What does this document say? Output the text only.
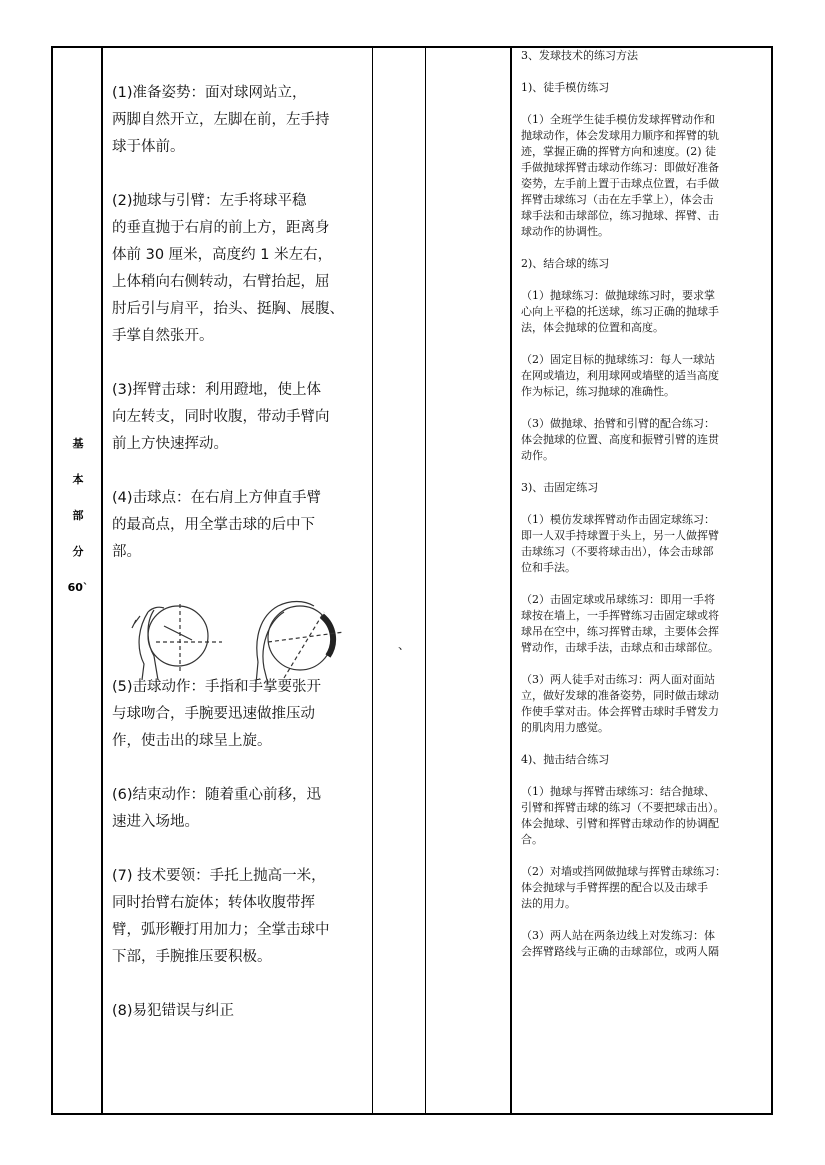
基
本
部
分
60`

(1)准备姿势：面对球网站立，

两脚自然开立，左脚在前，左手持

球于体前。

(2)抛球与引臂：左手将球平稳

的垂直抛于右肩的前上方，距离身

体前 30 厘米，高度约 1 米左右，

上体稍向右侧转动，右臂抬起，屈

肘后引与肩平，抬头、挺胸、展腹、

手掌自然张开。

(3)挥臂击球：利用蹬地，使上体

向左转支，同时收腹，带动手臂向

前上方快速挥动。

(4)击球点：在右肩上方伸直手臂

的最高点，用全掌击球的后中下

部。

(5)击球动作：手指和手掌要张开

与球吻合，手腕要迅速做推压动

作，使击出的球呈上旋。

(6)结束动作：随着重心前移，迅

速进入场地。

(7) 技术要领：手托上抛高一米，

同时抬臂右旋体；转体收腹带挥

臂，弧形鞭打用加力；全掌击球中

下部，手腕推压要积极。

(8)易犯错误与纠正

、

3、发球技术的练习方法

1)、徒手模仿练习

（1）全班学生徒手模仿发球挥臂动作和

抛球动作，体会发球用力顺序和挥臂的轨

迹，掌握正确的挥臂方向和速度。(2) 徒

手做抛球挥臂击球动作练习：即做好准备

姿势，左手前上置于击球点位置，右手做

挥臂击球练习（击在左手掌上），体会击

球手法和击球部位，练习抛球、挥臂、击

球动作的协调性。

2)、结合球的练习

（1）抛球练习：做抛球练习时，要求掌

心向上平稳的托送球，练习正确的抛球手

法，体会抛球的位置和高度。

（2）固定目标的抛球练习：每人一球站

在网或墙边，利用球网或墙壁的适当高度

作为标记，练习抛球的准确性。

（3）做抛球、抬臂和引臂的配合练习：

体会抛球的位置、高度和振臂引臂的连贯

动作。

3)、击固定练习

（1）模仿发球挥臂动作击固定球练习：

即一人双手持球置于头上，另一人做挥臂

击球练习（不要将球击出），体会击球部

位和手法。

（2）击固定球或吊球练习：即用一手将

球按在墙上，一手挥臂练习击固定球或将

球吊在空中，练习挥臂击球，主要体会挥

臂动作，击球手法，击球点和击球部位。

（3）两人徒手对击练习：两人面对面站

立，做好发球的准备姿势，同时做击球动

作使手掌对击。体会挥臂击球时手臂发力

的肌肉用力感觉。

4)、抛击结合练习

（1）抛球与挥臂击球练习：结合抛球、

引臂和挥臂击球的练习（不要把球击出）。

体会抛球、引臂和挥臂击球动作的协调配

合。

（2）对墙或挡网做抛球与挥臂击球练习：

体会抛球与手臂挥摆的配合以及击球手

法的用力。

（3）两人站在两条边线上对发练习：体

会挥臂路线与正确的击球部位，或两人隔
